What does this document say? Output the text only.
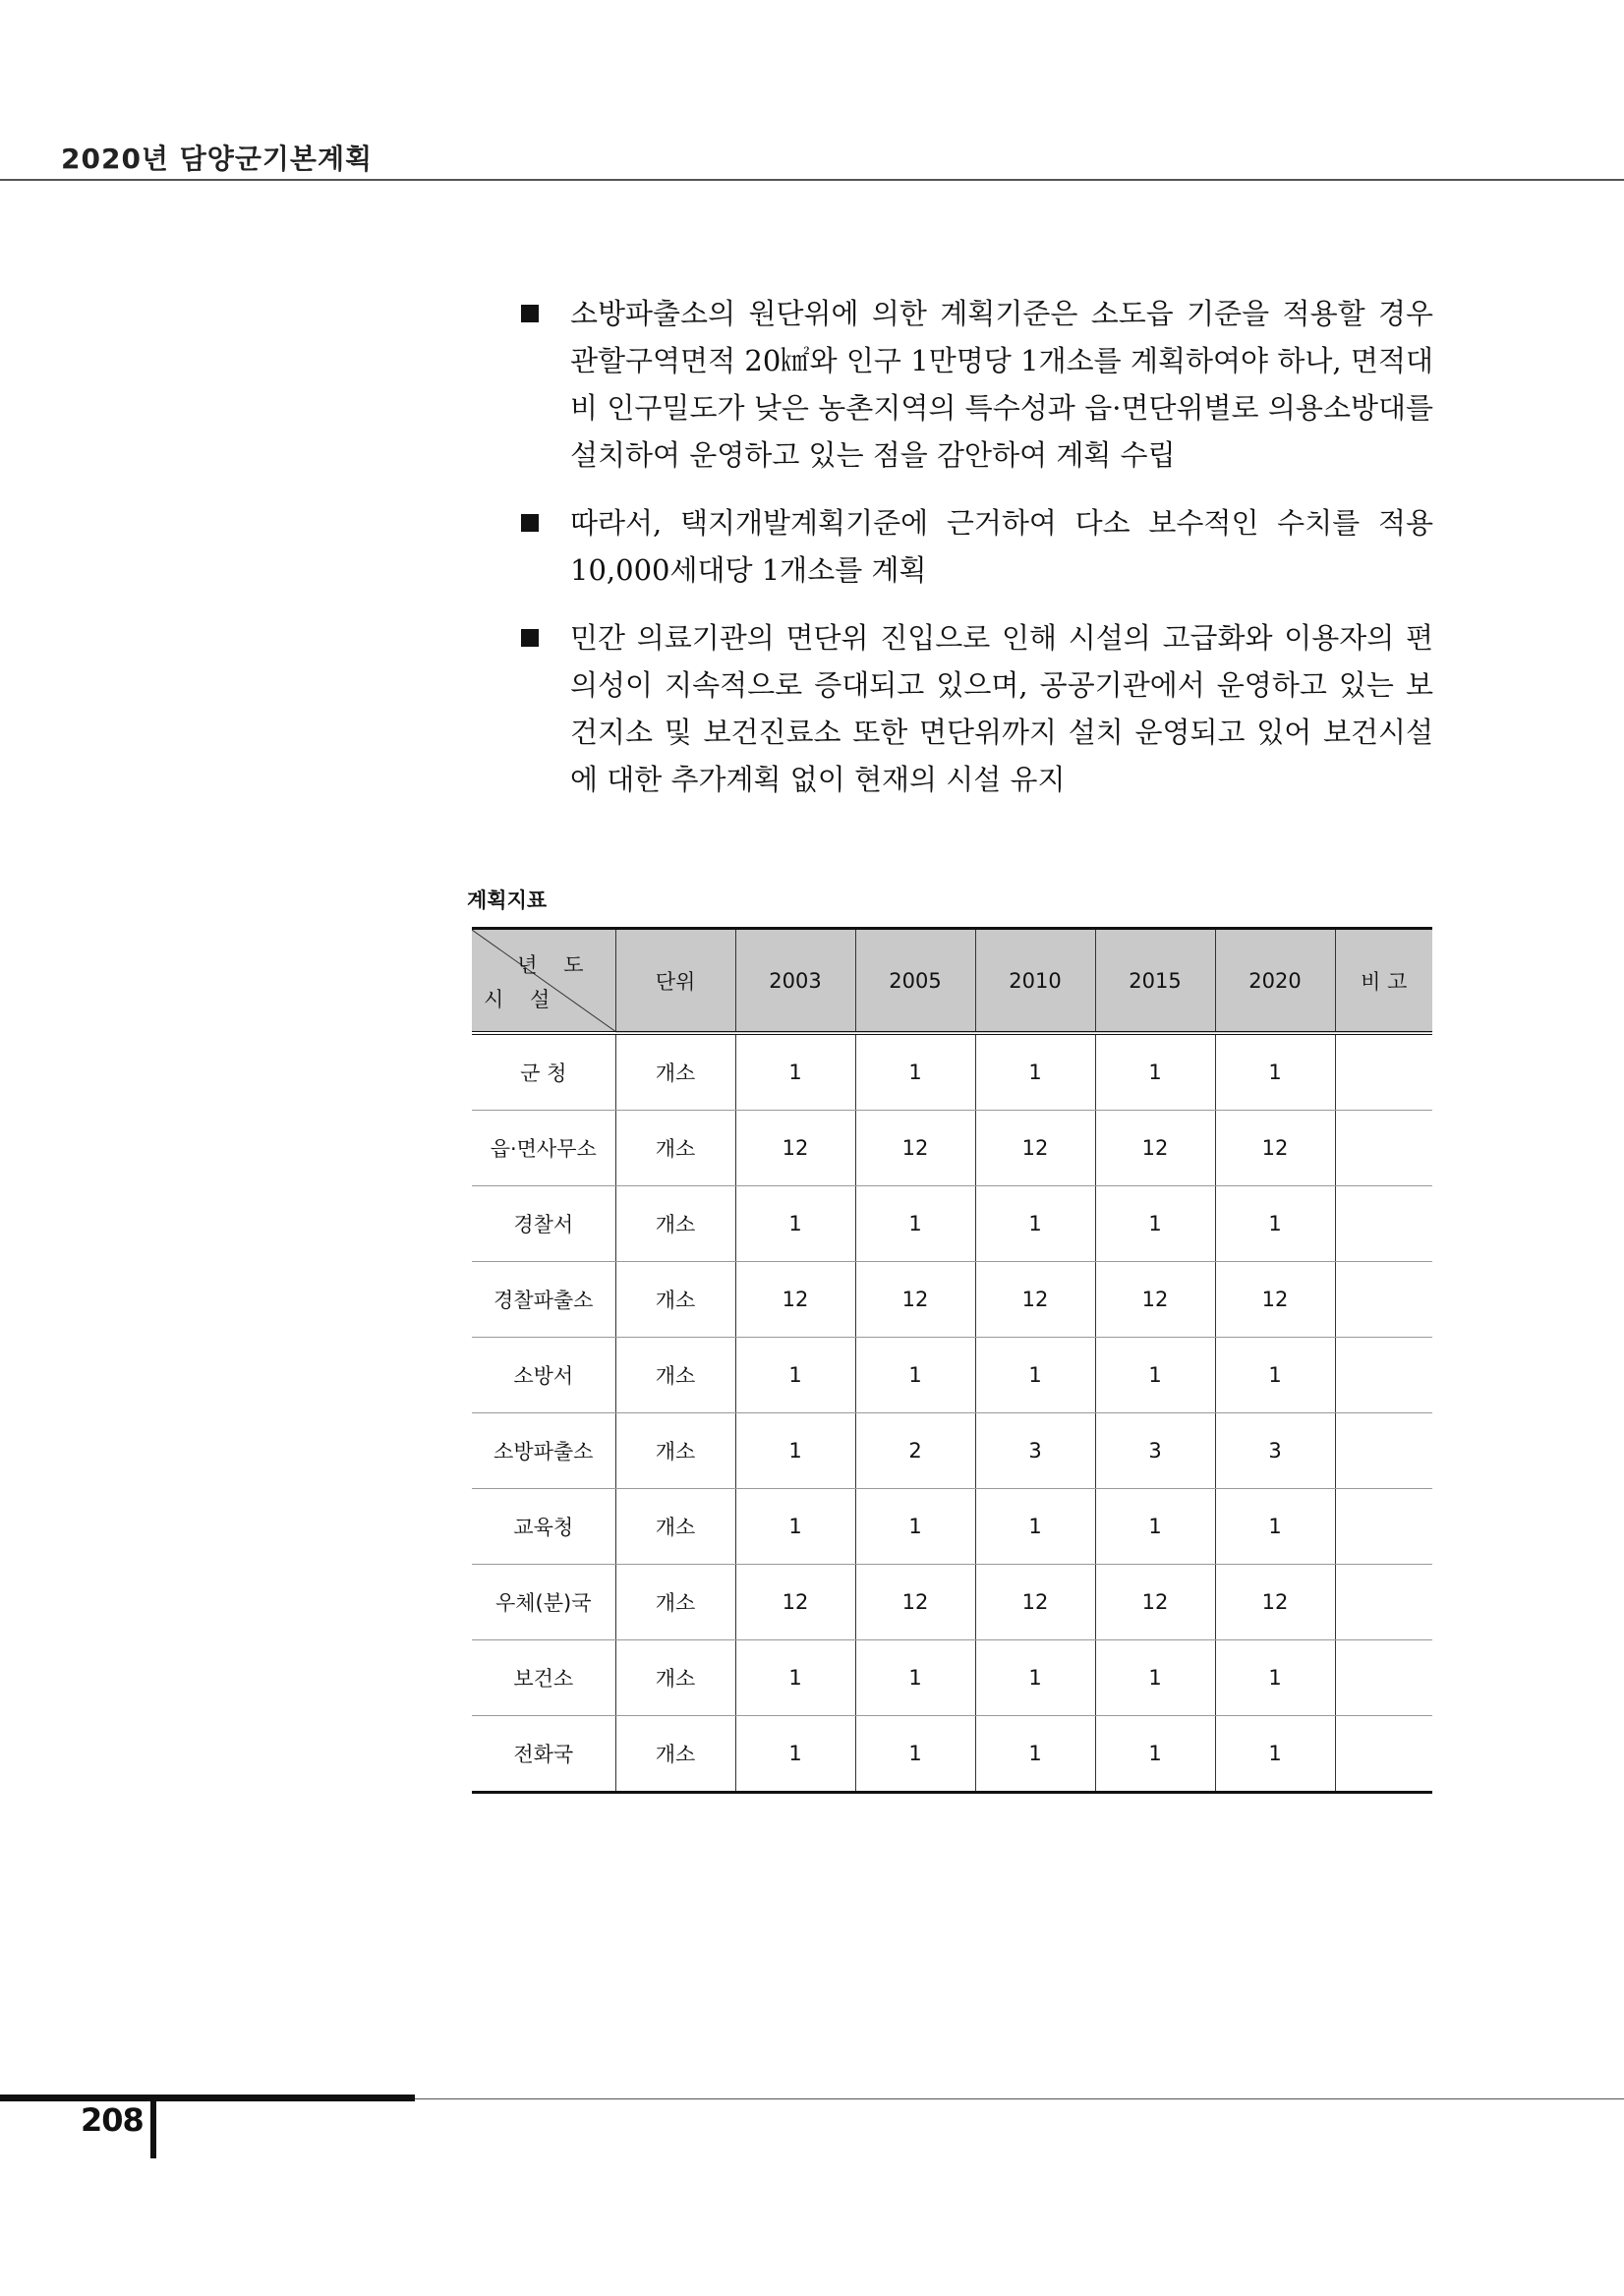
2020년 담양군기본계획
소방파출소의 원단위에 의한 계획기준은 소도읍 기준을 적용할 경우 관할구역면적 20㎢와 인구 1만명당 1개소를 계획하여야 하나, 면적대비 인구밀도가 낮은 농촌지역의 특수성과 읍·면단위별로 의용소방대를 설치하여 운영하고 있는 점을 감안하여 계획 수립
따라서, 택지개발계획기준에 근거하여 다소 보수적인 수치를 적용 10,000세대당 1개소를 계획
민간 의료기관의 면단위 진입으로 인해 시설의 고급화와 이용자의 편의성이 지속적으로 증대되고 있으며, 공공기관에서 운영하고 있는 보건지소 및 보건진료소 또한 면단위까지 설치 운영되고 있어 보건시설에 대한 추가계획 없이 현재의 시설 유지
계획지표
년 도
시 설	단위	2003	2005	2010	2015	2020	비 고
군 청	개소	1	1	1	1	1	
읍·면사무소	개소	12	12	12	12	12	
경찰서	개소	1	1	1	1	1	
경찰파출소	개소	12	12	12	12	12	
소방서	개소	1	1	1	1	1	
소방파출소	개소	1	2	3	3	3	
교육청	개소	1	1	1	1	1	
우체(분)국	개소	12	12	12	12	12	
보건소	개소	1	1	1	1	1	
전화국	개소	1	1	1	1	1	
208
